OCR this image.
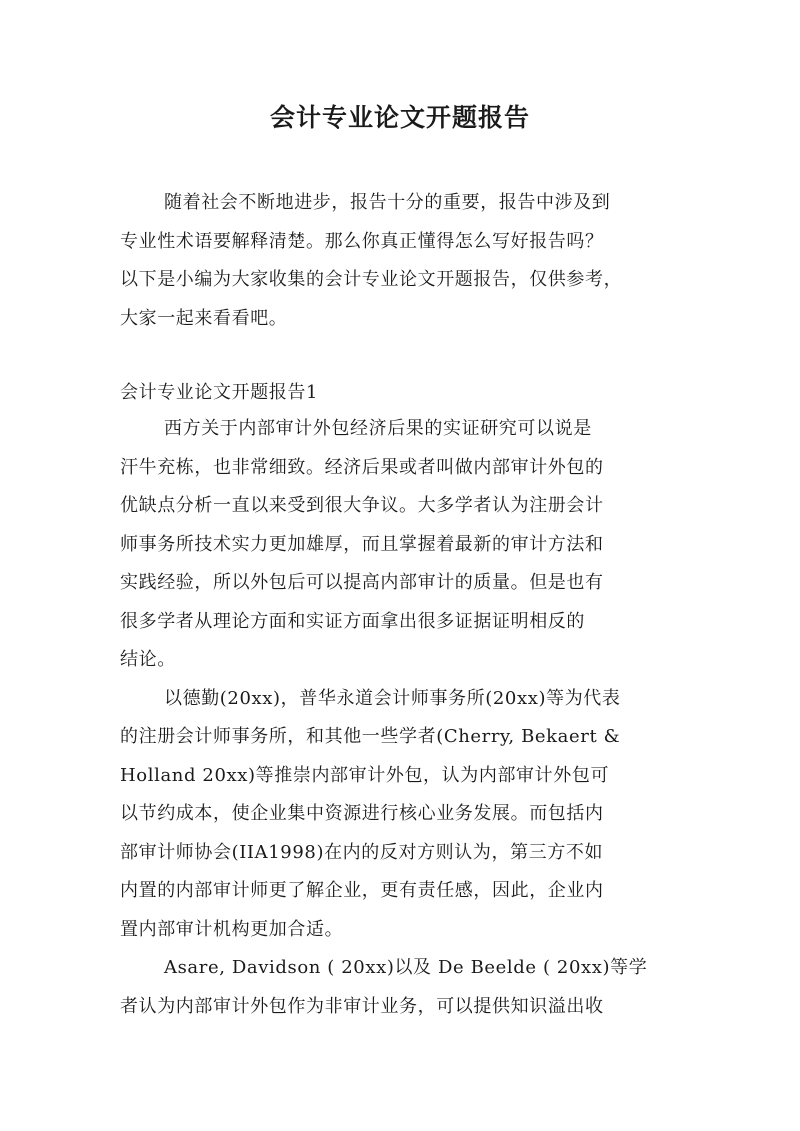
会计专业论文开题报告
随着社会不断地进步，报告十分的重要，报告中涉及到
专业性术语要解释清楚。那么你真正懂得怎么写好报告吗？
以下是小编为大家收集的会计专业论文开题报告，仅供参考，
大家一起来看看吧。
会计专业论文开题报告1
西方关于内部审计外包经济后果的实证研究可以说是
汗牛充栋，也非常细致。经济后果或者叫做内部审计外包的
优缺点分析一直以来受到很大争议。大多学者认为注册会计
师事务所技术实力更加雄厚，而且掌握着最新的审计方法和
实践经验，所以外包后可以提高内部审计的质量。但是也有
很多学者从理论方面和实证方面拿出很多证据证明相反的
结论。
以德勤(20xx)，普华永道会计师事务所(20xx)等为代表
的注册会计师事务所，和其他一些学者(Cherry, Bekaert &
Holland 20xx)等推崇内部审计外包，认为内部审计外包可
以节约成本，使企业集中资源进行核心业务发展。而包括内
部审计师协会(IIA1998)在内的反对方则认为，第三方不如
内置的内部审计师更了解企业，更有责任感，因此，企业内
置内部审计机构更加合适。
Asare, Davidson ( 20xx)以及 De Beelde ( 20xx)等学
者认为内部审计外包作为非审计业务，可以提供知识溢出收
